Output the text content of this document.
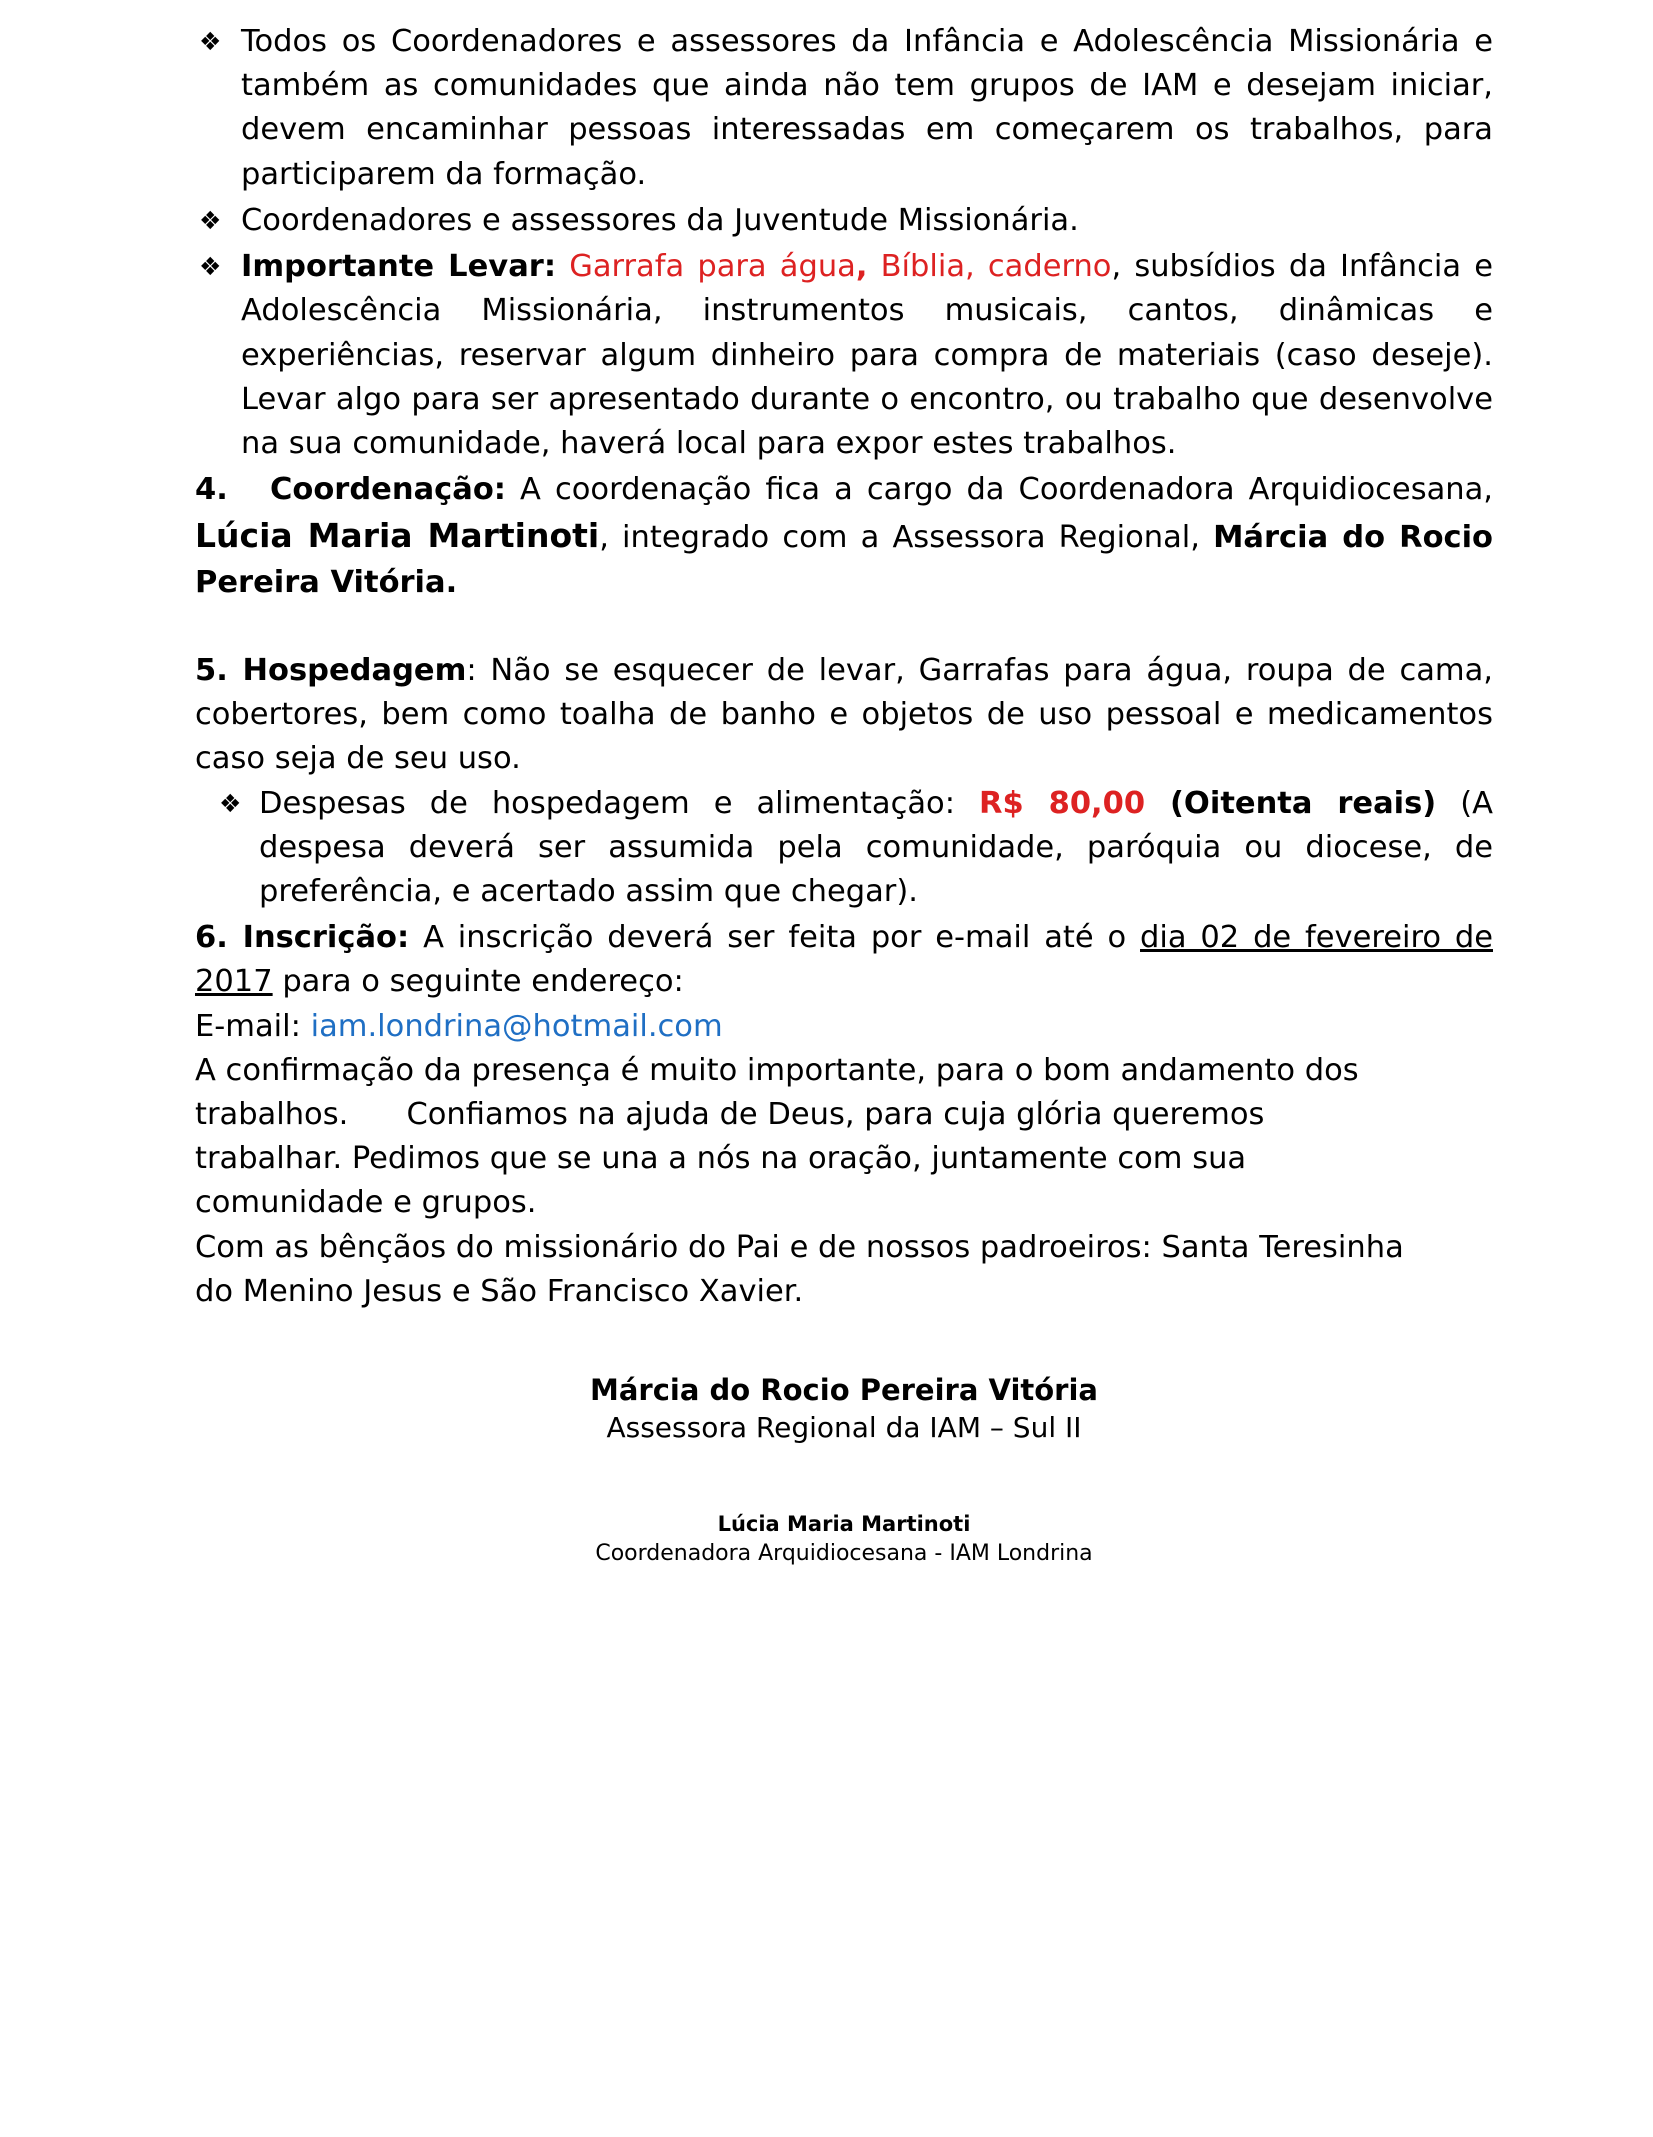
❖ Todos os Coordenadores e assessores da Infância e Adolescência Missionária e também as comunidades que ainda não tem grupos de IAM e desejam iniciar, devem encaminhar pessoas interessadas em começarem os trabalhos, para participarem da formação.
❖ Coordenadores e assessores da Juventude Missionária.
❖ Importante Levar: Garrafa para água, Bíblia, caderno, subsídios da Infância e Adolescência Missionária, instrumentos musicais, cantos, dinâmicas e experiências, reservar algum dinheiro para compra de materiais (caso deseje). Levar algo para ser apresentado durante o encontro, ou trabalho que desenvolve na sua comunidade, haverá local para expor estes trabalhos.

4. Coordenação: A coordenação fica a cargo da Coordenadora Arquidiocesana, Lúcia Maria Martinoti, integrado com a Assessora Regional, Márcia do Rocio Pereira Vitória.

5. Hospedagem: Não se esquecer de levar, Garrafas para água, roupa de cama, cobertores, bem como toalha de banho e objetos de uso pessoal e medicamentos caso seja de seu uso.

❖ Despesas de hospedagem e alimentação: R$ 80,00 (Oitenta reais) (A despesa deverá ser assumida pela comunidade, paróquia ou diocese, de preferência, e acertado assim que chegar).

6. Inscrição: A inscrição deverá ser feita por e-mail até o dia 02 de fevereiro de 2017 para o seguinte endereço:

E-mail: iam.londrina@hotmail.com

A confirmação da presença é muito importante, para o bom andamento dos

trabalhos. Confiamos na ajuda de Deus, para cuja glória queremos

trabalhar. Pedimos que se una a nós na oração, juntamente com sua

comunidade e grupos.

Com as bênçãos do missionário do Pai e de nossos padroeiros: Santa Teresinha

do Menino Jesus e São Francisco Xavier.

Márcia do Rocio Pereira Vitória
Assessora Regional da IAM – Sul II
Lúcia Maria Martinoti
Coordenadora Arquidiocesana - IAM Londrina
